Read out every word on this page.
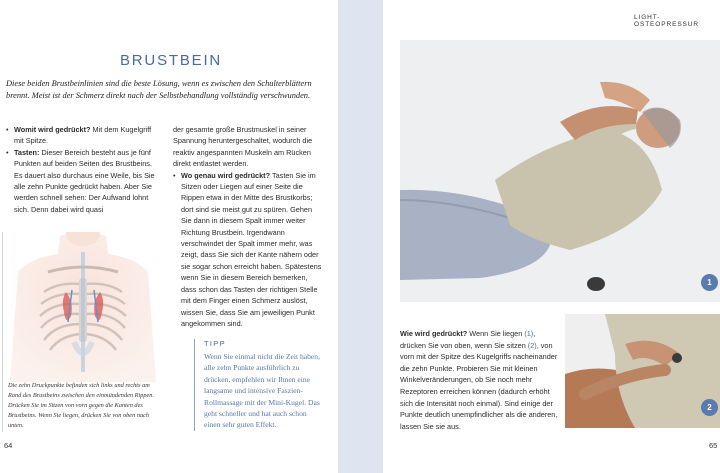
BRUSTBEIN

Diese beiden Brustbeinlinien sind die beste Lösung, wenn es zwischen den Schulterblättern brennt. Meist ist der Schmerz direkt nach der Selbstbehandlung vollständig verschwunden.

• Womit wird gedrückt? Mit dem Kugelgriff mit Spitze.
• Tasten: Dieser Bereich besteht aus je fünf Punkten auf beiden Seiten des Brustbeins. Es dauert also durchaus eine Weile, bis Sie alle zehn Punkte gedrückt haben. Aber Sie werden schnell sehen: Der Aufwand lohnt sich. Denn dabei wird quasi

der gesamte große Brustmuskel in seiner Spannung heruntergeschaltet, wodurch die reaktiv angespannten Muskeln am Rücken direkt entlastet werden.

• Wo genau wird gedrückt? Tasten Sie im Sitzen oder Liegen auf einer Seite die Rippen etwa in der Mitte des Brustkorbs; dort sind sie meist gut zu spüren. Gehen Sie dann in diesem Spalt immer weiter Richtung Brustbein. Irgendwann verschwindet der Spalt immer mehr, was zeigt, dass Sie sich der Kante nähern oder sie sogar schon erreicht haben. Spätestens wenn Sie in diesem Bereich bemerken, dass schon das Tasten der richtigen Stelle mit dem Finger einen Schmerz auslöst, wissen Sie, dass Sie am jeweiligen Punkt angekommen sind.

Die zehn Druckpunkte befinden sich links und rechts am Rand des Brustbeins zwischen den einmündenden Rippen. Drücken Sie im Sitzen von vorn gegen die Kanten des Brustbeins. Wenn Sie liegen, drücken Sie von oben nach unten.

TIPP

Wenn Sie einmal nicht die Zeit haben, alle zehn Punkte ausführlich zu drücken, empfehlen wir Ihnen eine langsame und intensive Faszien-Rollmassage mit der Mini-Kugel. Das geht schneller und hat auch schon einen sehr guten Effekt.

64
LIGHT-OSTEOPRESSUR
1
2

Wie wird gedrückt? Wenn Sie liegen (1), drücken Sie von oben, wenn Sie sitzen (2), von vorn mit der Spitze des Kugelgriffs nacheinander die zehn Punkte. Probieren Sie mit kleinen Winkelveränderungen, ob Sie noch mehr Rezeptoren erreichen können (dadurch erhöht sich die Intensität noch einmal). Sind einige der Punkte deutlich unempfindlicher als die anderen, lassen Sie sie aus.

65
